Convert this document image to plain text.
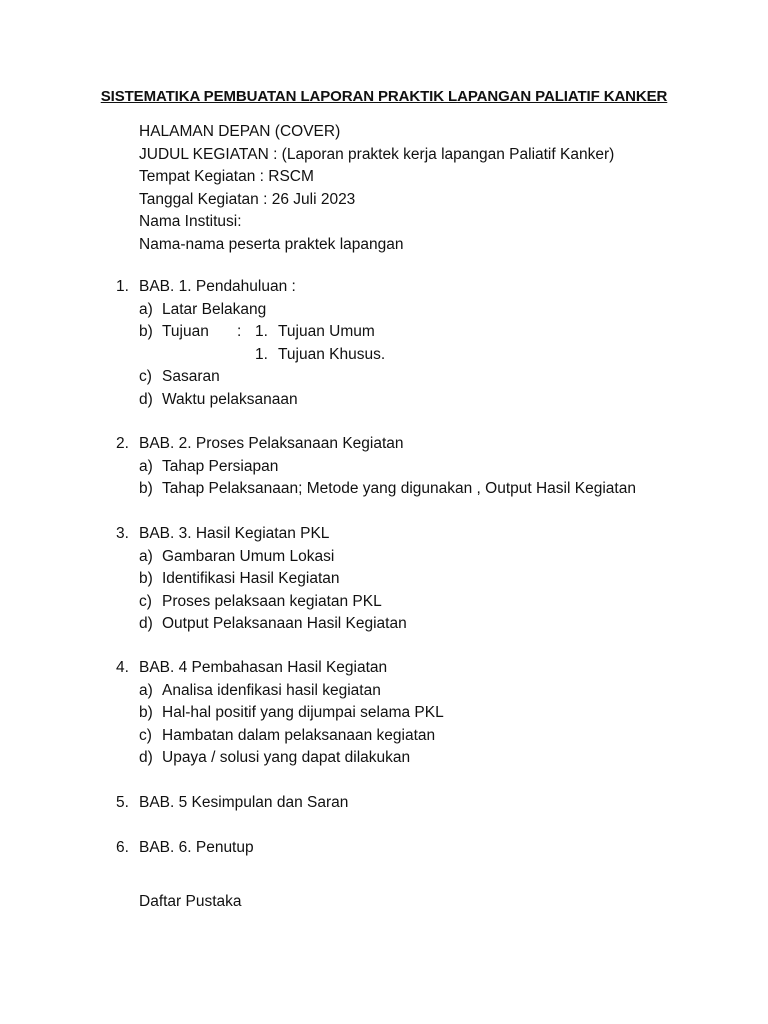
SISTEMATIKA PEMBUATAN LAPORAN PRAKTIK LAPANGAN PALIATIF KANKER
HALAMAN DEPAN (COVER)
JUDUL KEGIATAN : (Laporan praktek kerja lapangan Paliatif Kanker)
Tempat Kegiatan : RSCM
Tanggal Kegiatan : 26 Juli 2023
Nama Institusi:
Nama-nama peserta praktek lapangan
1. BAB. 1. Pendahuluan :
a) Latar Belakang
b) Tujuan : 1. Tujuan Umum
1. Tujuan Khusus.
c) Sasaran
d) Waktu pelaksanaan
2. BAB. 2. Proses Pelaksanaan Kegiatan
a) Tahap Persiapan
b) Tahap Pelaksanaan; Metode yang digunakan , Output Hasil Kegiatan
3. BAB. 3. Hasil Kegiatan PKL
a) Gambaran Umum Lokasi
b) Identifikasi Hasil Kegiatan
c) Proses pelaksaan kegiatan PKL
d) Output Pelaksanaan Hasil Kegiatan
4. BAB. 4 Pembahasan Hasil Kegiatan
a) Analisa idenfikasi hasil kegiatan
b) Hal-hal positif yang dijumpai selama PKL
c) Hambatan dalam pelaksanaan kegiatan
d) Upaya / solusi yang dapat dilakukan
5. BAB. 5 Kesimpulan dan Saran
6. BAB. 6. Penutup
Daftar Pustaka
